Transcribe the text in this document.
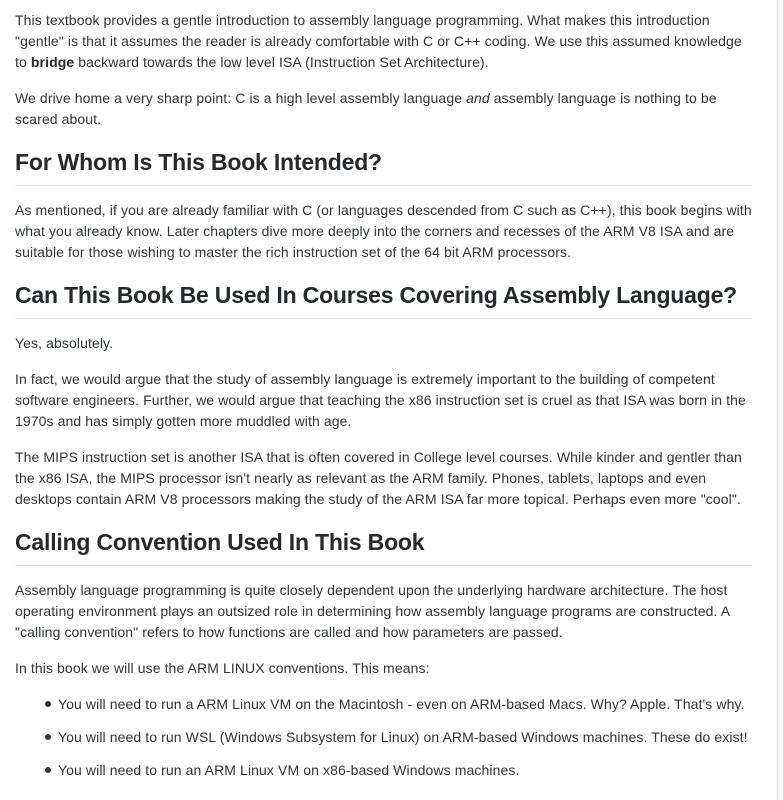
This textbook provides a gentle introduction to assembly language programming. What makes this introduction "gentle" is that it assumes the reader is already comfortable with C or C++ coding. We use this assumed knowledge to bridge backward towards the low level ISA (Instruction Set Architecture).

We drive home a very sharp point: C is a high level assembly language and assembly language is nothing to be scared about.

For Whom Is This Book Intended?

As mentioned, if you are already familiar with C (or languages descended from C such as C++), this book begins with what you already know. Later chapters dive more deeply into the corners and recesses of the ARM V8 ISA and are suitable for those wishing to master the rich instruction set of the 64 bit ARM processors.

Can This Book Be Used In Courses Covering Assembly Language?

Yes, absolutely.

In fact, we would argue that the study of assembly language is extremely important to the building of competent software engineers. Further, we would argue that teaching the x86 instruction set is cruel as that ISA was born in the 1970s and has simply gotten more muddled with age.

The MIPS instruction set is another ISA that is often covered in College level courses. While kinder and gentler than the x86 ISA, the MIPS processor isn't nearly as relevant as the ARM family. Phones, tablets, laptops and even desktops contain ARM V8 processors making the study of the ARM ISA far more topical. Perhaps even more "cool".

Calling Convention Used In This Book

Assembly language programming is quite closely dependent upon the underlying hardware architecture. The host operating environment plays an outsized role in determining how assembly language programs are constructed. A "calling convention" refers to how functions are called and how parameters are passed.

In this book we will use the ARM LINUX conventions. This means:

You will need to run a ARM Linux VM on the Macintosh - even on ARM-based Macs. Why? Apple. That's why.
You will need to run WSL (Windows Subsystem for Linux) on ARM-based Windows machines. These do exist!
You will need to run an ARM Linux VM on x86-based Windows machines.
